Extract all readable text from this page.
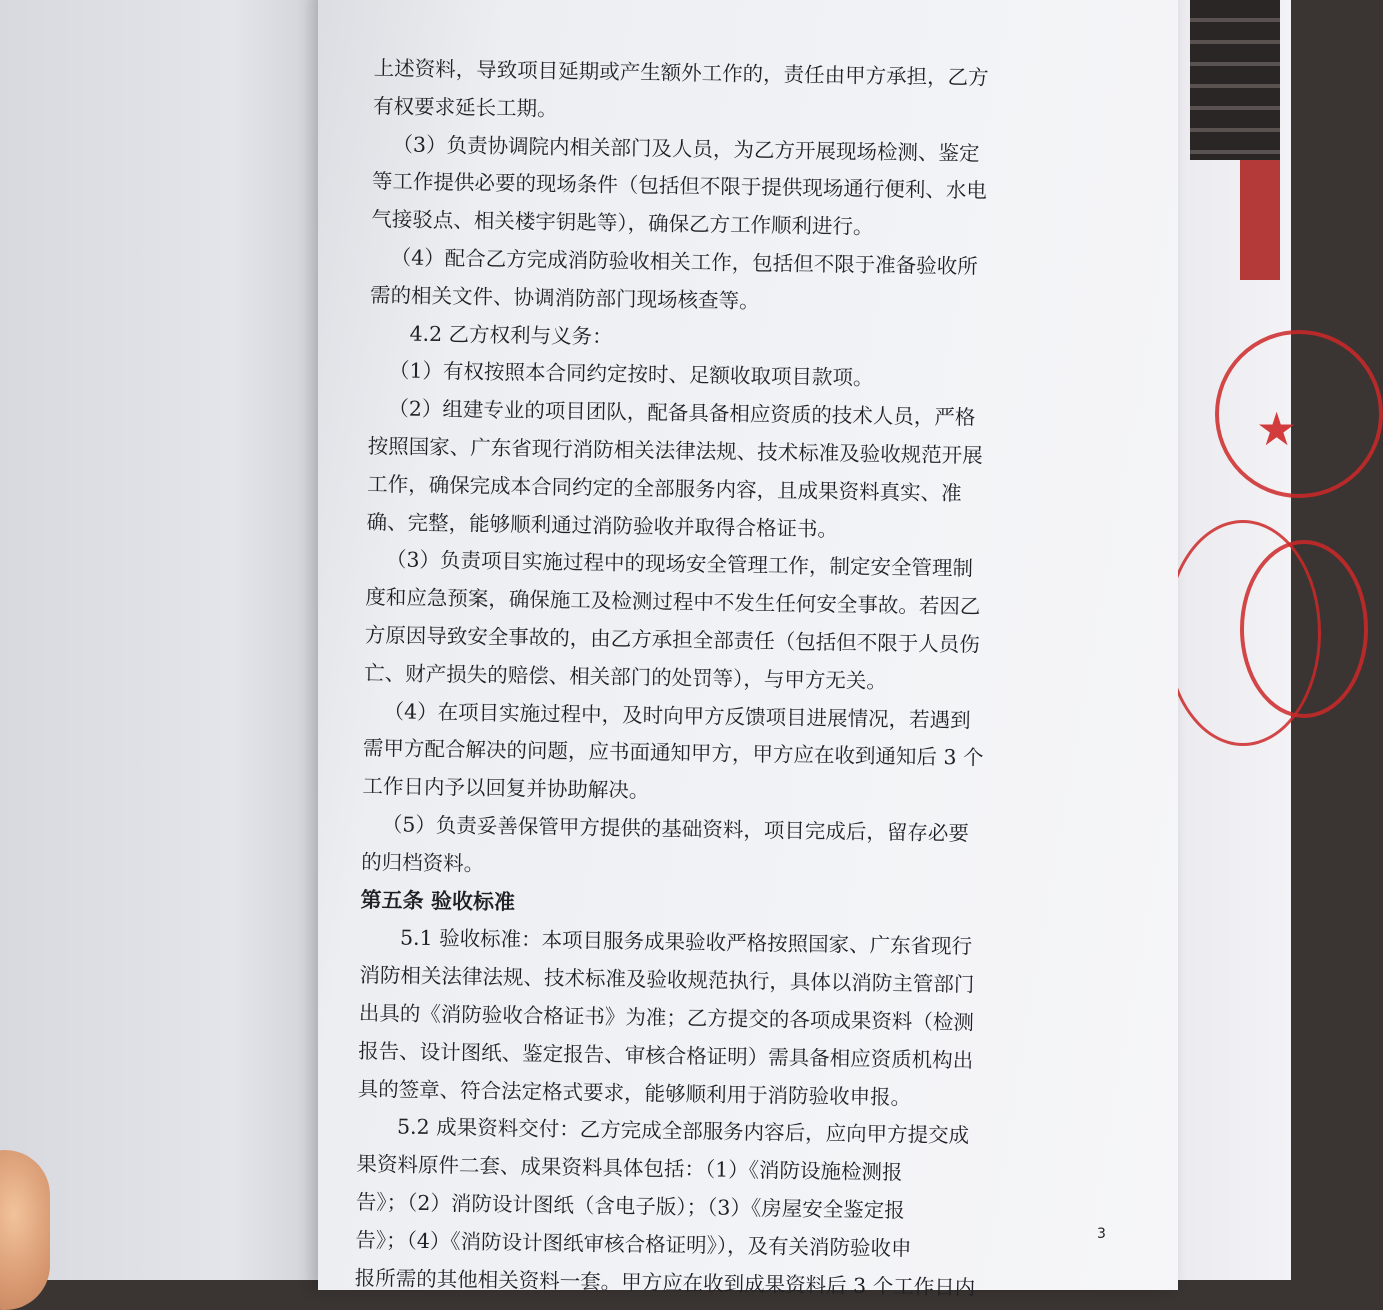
★
上述资料，导致项目延期或产生额外工作的，责任由甲方承担，乙方
有权要求延长工期。
（3）负责协调院内相关部门及人员，为乙方开展现场检测、鉴定
等工作提供必要的现场条件（包括但不限于提供现场通行便利、水电
气接驳点、相关楼宇钥匙等），确保乙方工作顺利进行。
（4）配合乙方完成消防验收相关工作，包括但不限于准备验收所
需的相关文件、协调消防部门现场核查等。
4.2 乙方权利与义务：
（1）有权按照本合同约定按时、足额收取项目款项。
（2）组建专业的项目团队，配备具备相应资质的技术人员，严格
按照国家、广东省现行消防相关法律法规、技术标准及验收规范开展
工作，确保完成本合同约定的全部服务内容，且成果资料真实、准
确、完整，能够顺利通过消防验收并取得合格证书。
（3）负责项目实施过程中的现场安全管理工作，制定安全管理制
度和应急预案，确保施工及检测过程中不发生任何安全事故。若因乙
方原因导致安全事故的，由乙方承担全部责任（包括但不限于人员伤
亡、财产损失的赔偿、相关部门的处罚等），与甲方无关。
（4）在项目实施过程中，及时向甲方反馈项目进展情况，若遇到
需甲方配合解决的问题，应书面通知甲方，甲方应在收到通知后 3 个
工作日内予以回复并协助解决。
（5）负责妥善保管甲方提供的基础资料，项目完成后，留存必要
的归档资料。
第五条 验收标准
5.1 验收标准：本项目服务成果验收严格按照国家、广东省现行
消防相关法律法规、技术标准及验收规范执行，具体以消防主管部门
出具的《消防验收合格证书》为准；乙方提交的各项成果资料（检测
报告、设计图纸、鉴定报告、审核合格证明）需具备相应资质机构出
具的签章、符合法定格式要求，能够顺利用于消防验收申报。
5.2 成果资料交付：乙方完成全部服务内容后，应向甲方提交成
果资料原件二套、成果资料具体包括：（1）《消防设施检测报
告》；（2）消防设计图纸（含电子版）；（3）《房屋安全鉴定报
告》；（4）《消防设计图纸审核合格证明》），及有关消防验收申
报所需的其他相关资料一套。甲方应在收到成果资料后 3 个工作日内
3
